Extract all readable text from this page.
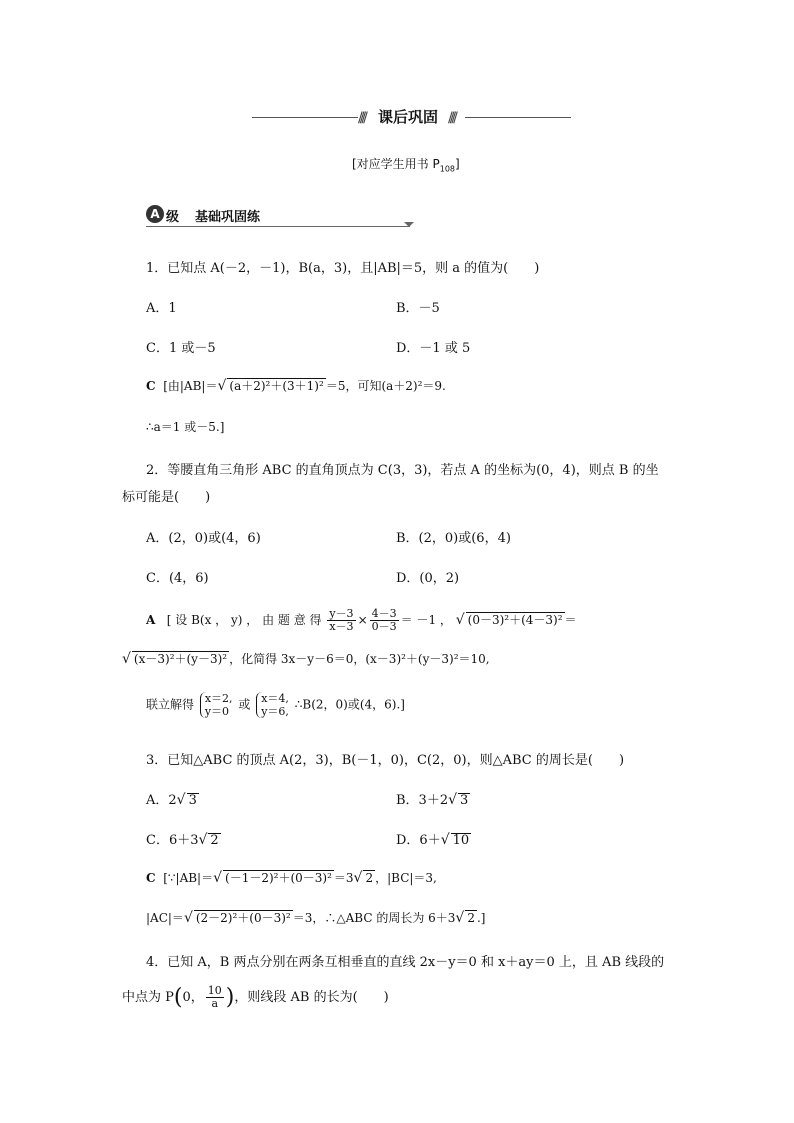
//// 课后巩固 ////
[对应学生用书 $P_{108}$]
A 级 基础巩固练
1．已知点 A(－2，－1)，B(a，3)，且|AB|＝5，则 a 的值为(　　)
A．1	B．－5
C．1 或－5	D．－1 或 5
C [由|AB|＝√ (a＋2)²＋(3＋1)² ＝5，可知(a＋2)²＝9.
∴a＝1 或－5.]
2．等腰直角三角形 ABC 的直角顶点为 C(3，3)，若点 A 的坐标为(0，4)，则点 B 的坐
标可能是(　　)
A．(2，0)或(4，6)	B．(2，0)或(6，4)
C．(4，6)	D．(0，2)
A [ 设 B(x ， y) ， 由 题 意 得 $\frac{y-3}{x-3} \times \frac{4-3}{0-3} = -1$ ， √ (0－3)²＋(4－3)² ＝
√ (x－3)²＋(y－3)² ，化简得 3x－y－6＝0，(x－3)²＋(y－3)²＝10,
联立解得 x＝2,
y＝0 或 x＝4,
y＝6, ∴B(2，0)或(4，6).]
3．已知△ABC 的顶点 A(2，3)，B(－1，0)，C(2，0)，则△ABC 的周长是(　　)
A．2√ 3	B．3＋2√ 3
C．6＋3√ 2	D．6＋√ 10
C [∵|AB|＝√ (－1－2)²＋(0－3)² ＝3√ 2 ，|BC|＝3,
|AC|＝√ (2－2)²＋(0－3)² ＝3，∴△ABC 的周长为 6＋3√ 2 .]
4．已知 A，B 两点分别在两条互相垂直的直线 2x－y＝0 和 x＋ay＝0 上，且 AB 线段的
中点为 P(0， $\frac{10}{a}$ )，则线段 AB 的长为(　　)
